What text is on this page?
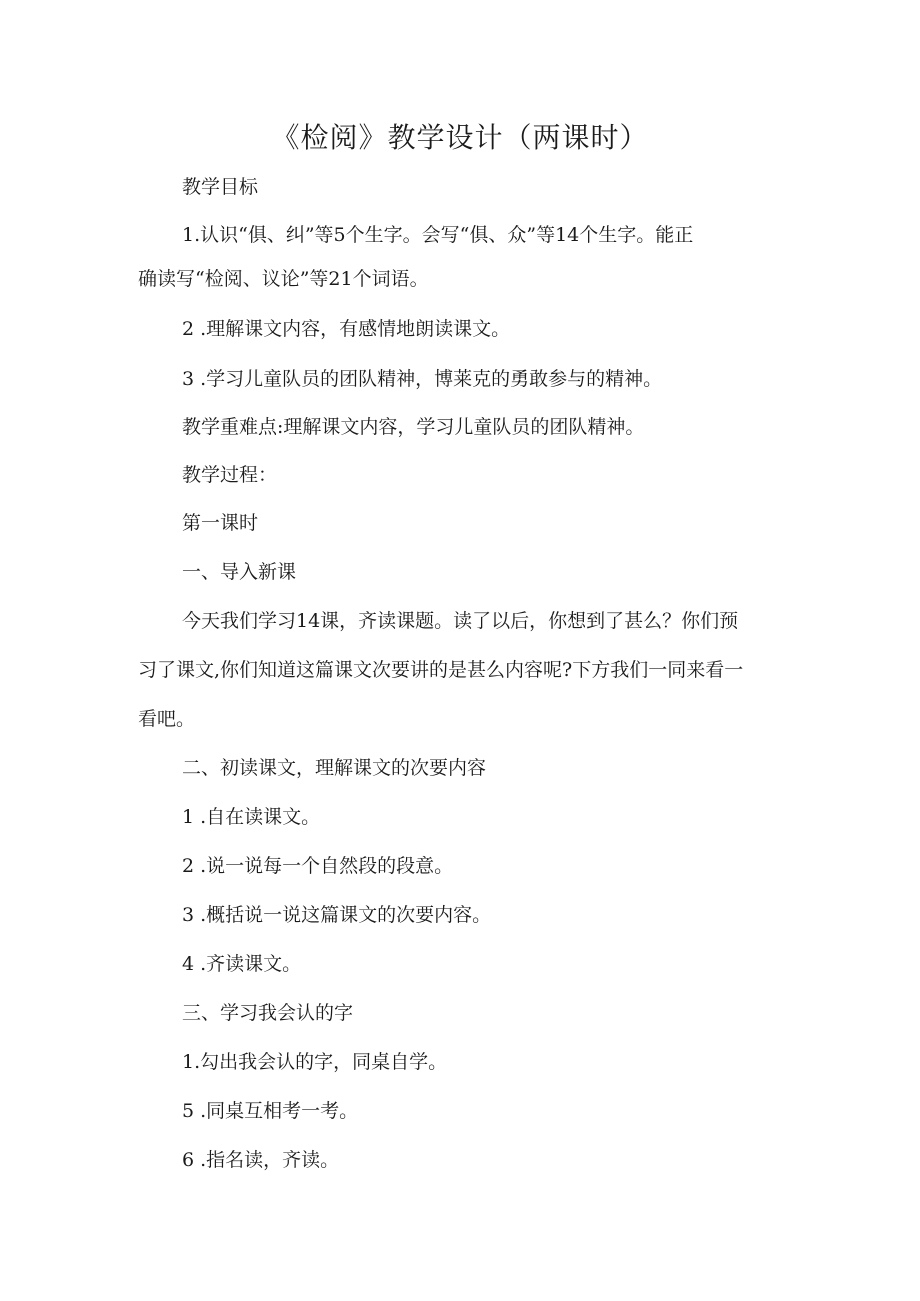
《检阅》教学设计（两课时）

教学目标

1.认识“俱、纠”等5个生字。会写“俱、众”等14个生字。能正

确读写“检阅、议论”等21个词语。

2 .理解课文内容，有感情地朗读课文。

3 .学习儿童队员的团队精神，博莱克的勇敢参与的精神。

教学重难点:理解课文内容，学习儿童队员的团队精神。

教学过程：

第一课时

一、导入新课

今天我们学习14课，齐读课题。读了以后，你想到了甚么？你们预

习了课文,你们知道这篇课文次要讲的是甚么内容呢?下方我们一同来看一

看吧。

二、初读课文，理解课文的次要内容

1 .自在读课文。

2 .说一说每一个自然段的段意。

3 .概括说一说这篇课文的次要内容。

4 .齐读课文。

三、学习我会认的字

1.勾出我会认的字，同桌自学。

5 .同桌互相考一考。

6 .指名读，齐读。
